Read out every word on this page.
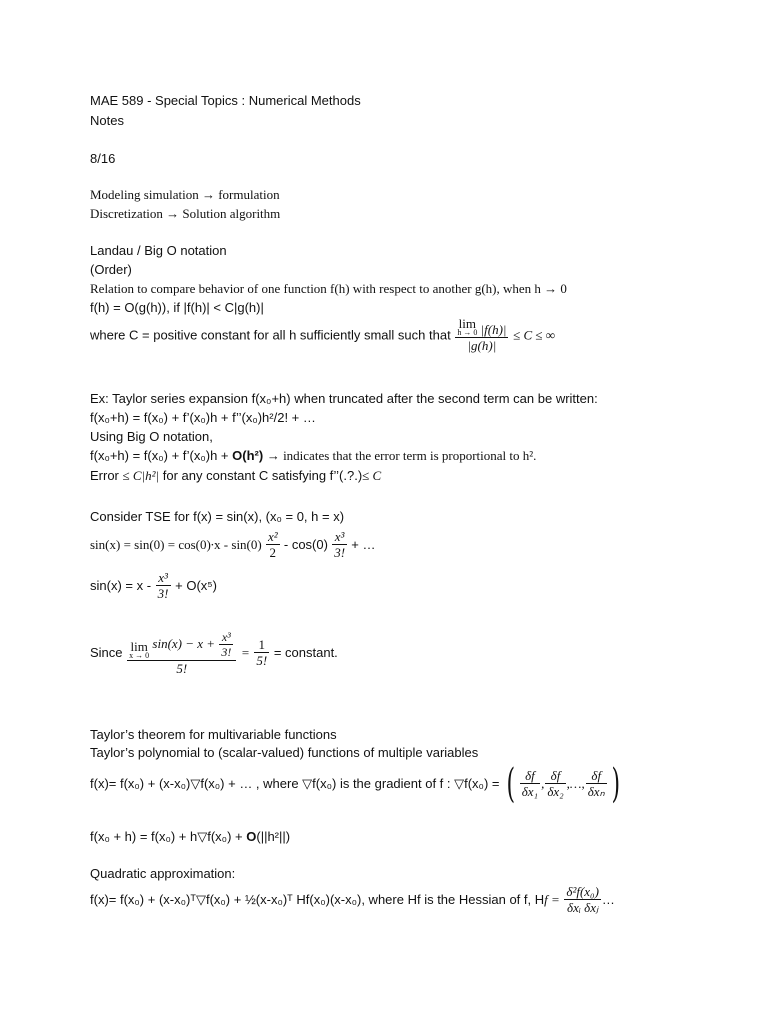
MAE 589 - Special Topics : Numerical Methods
Notes
8/16
Modeling simulation → formulation
Discretization → Solution algorithm
Landau / Big O notation
(Order)
Relation to compare behavior of one function f(h) with respect to another g(h), when h → 0
f(h) = O(g(h)), if |f(h)| < C|g(h)|
where C = positive constant for all h sufficiently small such that lim
h → 0 |f(h)|
|g(h)| ≤ C ≤ ∞
Ex: Taylor series expansion f(x₀+h) when truncated after the second term can be written:
f(x₀+h) = f(x₀) + f’(x₀)h + f’’(x₀)h²/2! + …
Using Big O notation,
f(x₀+h) = f(x₀) + f’(x₀)h + O(h²) → indicates that the error term is proportional to h².
Error ≤ C|h²| for any constant C satisfying f’’(.?.)≤ C
Consider TSE for f(x) = sin(x), (x₀ = 0, h = x)
$\sin(x) = \sin(0) = \cos(0)\cdot x - \sin(0) \frac{\text{x²}}{2} - \cos(0) \frac{\text{x³}}{3!}$ + …
$\sin(x) = x - \frac{\text{x³}}{3!} + O(x^5)$
Since lim
x → 0
$\sin(x) - x + \frac{\text{x³}}{3!}$
5! = $\frac{1}{5!}$ = constant.
Taylor’s theorem for multivariable functions
Taylor’s polynomial to (scalar-valued) functions of multiple variables
f(x)= f(x₀) + (x-x₀)▽f(x₀) + … , where ▽f(x₀) is the gradient of f : ▽f(x₀) = ( $\frac{\delta f}{\text{δx₁}}$ , $\frac{\delta f}{\text{δx₂}}$ ,…, $\frac{\delta f}{\text{δxₙ}}$ )
f(x₀ + h) = f(x₀) + h▽f(x₀) + O(||h²||)
Quadratic approximation:
f(x)= f(x₀) + (x-x₀)ᵀ▽f(x₀) + ½(x-x₀)ᵀ Hf(x₀)(x-x₀), where Hf is the Hessian of f, $Hf = \frac{\text{δ²f(x₀)}}{\text{δxᵢ δxⱼ}}$ …
